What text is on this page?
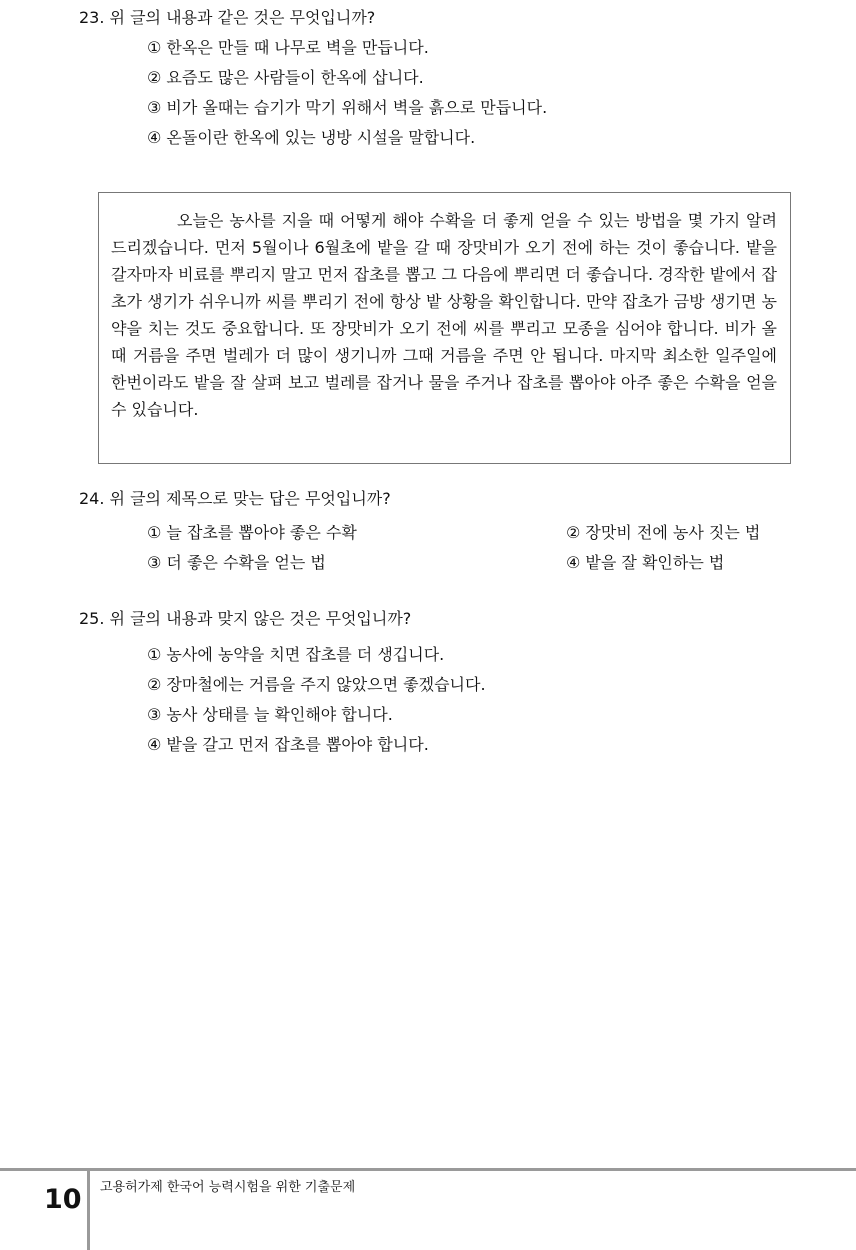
23. 위 글의 내용과 같은 것은 무엇입니까?
① 한옥은 만들 때 나무로 벽을 만듭니다.
② 요즘도 많은 사람들이 한옥에 삽니다.
③ 비가 올때는 습기가 막기 위해서 벽을 흙으로 만듭니다.
④ 온돌이란 한옥에 있는 냉방 시설을 말합니다.

오늘은 농사를 지을 때 어떻게 해야 수확을 더 좋게 얻을 수 있는 방법을 몇 가지 알려 드리겠습니다. 먼저 5월이나 6월초에 밭을 갈 때 장맛비가 오기 전에 하는 것이 좋습니다. 밭을 갈자마자 비료를 뿌리지 말고 먼저 잡초를 뽑고 그 다음에 뿌리면 더 좋습니다. 경작한 밭에서 잡초가 생기가 쉬우니까 씨를 뿌리기 전에 항상 밭 상황을 확인합니다. 만약 잡초가 금방 생기면 농약을 치는 것도 중요합니다. 또 장맛비가 오기 전에 씨를 뿌리고 모종을 심어야 합니다. 비가 올 때 거름을 주면 벌레가 더 많이 생기니까 그때 거름을 주면 안 됩니다. 마지막 최소한 일주일에 한번이라도 밭을 잘 살펴 보고 벌레를 잡거나 물을 주거나 잡초를 뽑아야 아주 좋은 수확을 얻을 수 있습니다.

24. 위 글의 제목으로 맞는 답은 무엇입니까?
① 늘 잡초를 뽑아야 좋은 수확	② 장맛비 전에 농사 짓는 법
③ 더 좋은 수확을 얻는 법	④ 밭을 잘 확인하는 법
25. 위 글의 내용과 맞지 않은 것은 무엇입니까?
① 농사에 농약을 치면 잡초를 더 생깁니다.
② 장마철에는 거름을 주지 않았으면 좋겠습니다.
③ 농사 상태를 늘 확인해야 합니다.
④ 밭을 갈고 먼저 잡초를 뽑아야 합니다.
10 고용허가제 한국어 능력시험을 위한 기출문제
